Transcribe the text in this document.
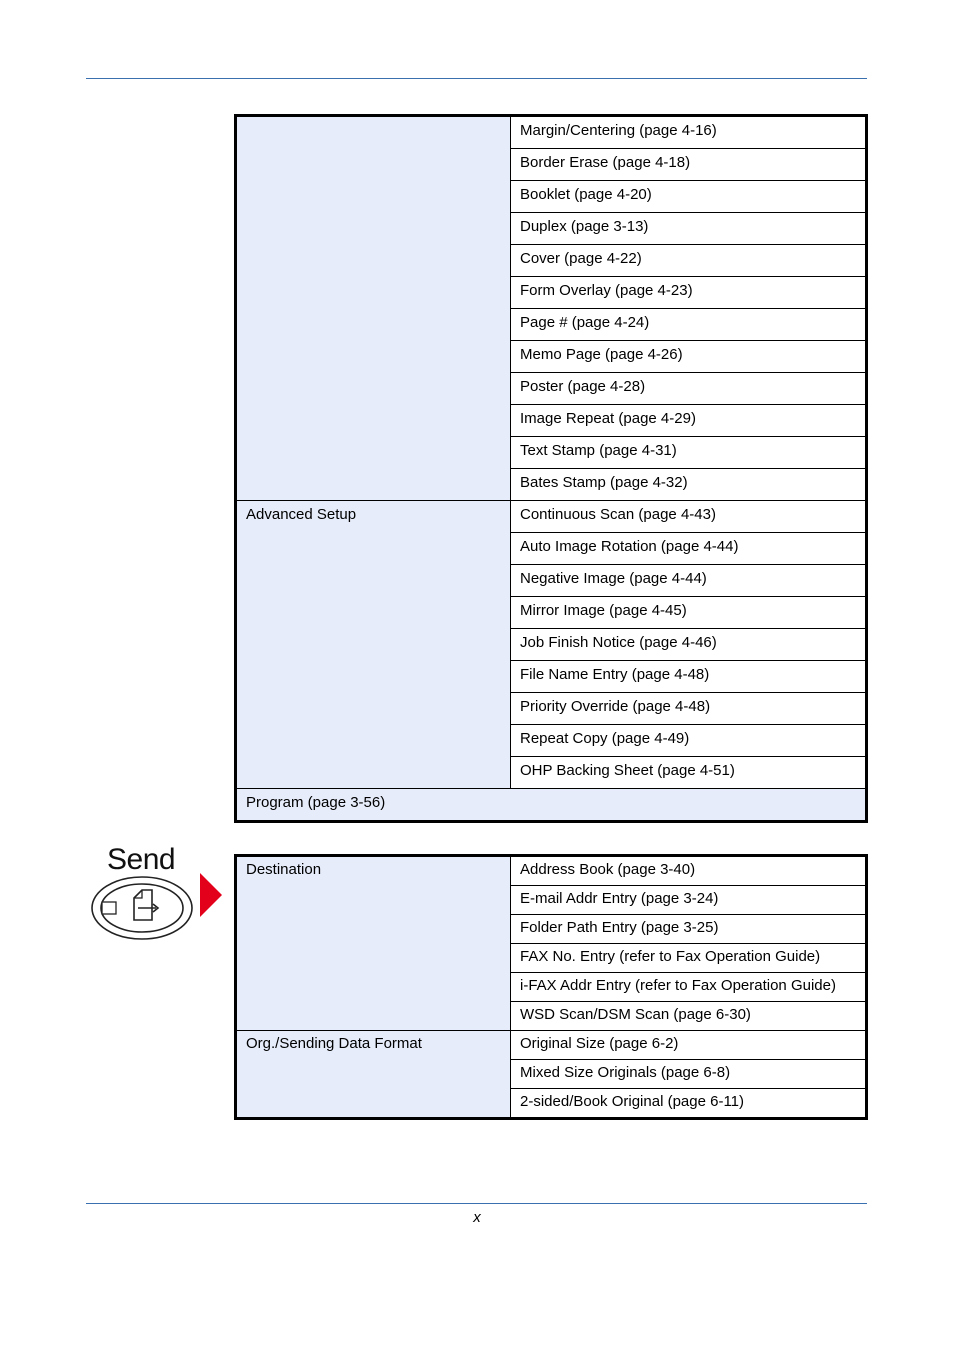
	Margin/Centering (page 4-16)
	Border Erase (page 4-18)
	Booklet (page 4-20)
	Duplex (page 3-13)
	Cover (page 4-22)
	Form Overlay (page 4-23)
	Page # (page 4-24)
	Memo Page (page 4-26)
	Poster (page 4-28)
	Image Repeat (page 4-29)
	Text Stamp (page 4-31)
	Bates Stamp (page 4-32)
Advanced Setup	Continuous Scan (page 4-43)
	Auto Image Rotation (page 4-44)
	Negative Image (page 4-44)
	Mirror Image (page 4-45)
	Job Finish Notice (page 4-46)
	File Name Entry (page 4-48)
	Priority Override (page 4-48)
	Repeat Copy (page 4-49)
	OHP Backing Sheet (page 4-51)
Program (page 3-56)	
Send	Destination	Address Book (page 3-40)
	E-mail Addr Entry (page 3-24)
	Folder Path Entry (page 3-25)
	FAX No. Entry (refer to Fax Operation Guide)
	i-FAX Addr Entry (refer to Fax Operation Guide)
	WSD Scan/DSM Scan (page 6-30)
Org./Sending Data Format	Original Size (page 6-2)
	Mixed Size Originals (page 6-8)
	2-sided/Book Original (page 6-11)
x
